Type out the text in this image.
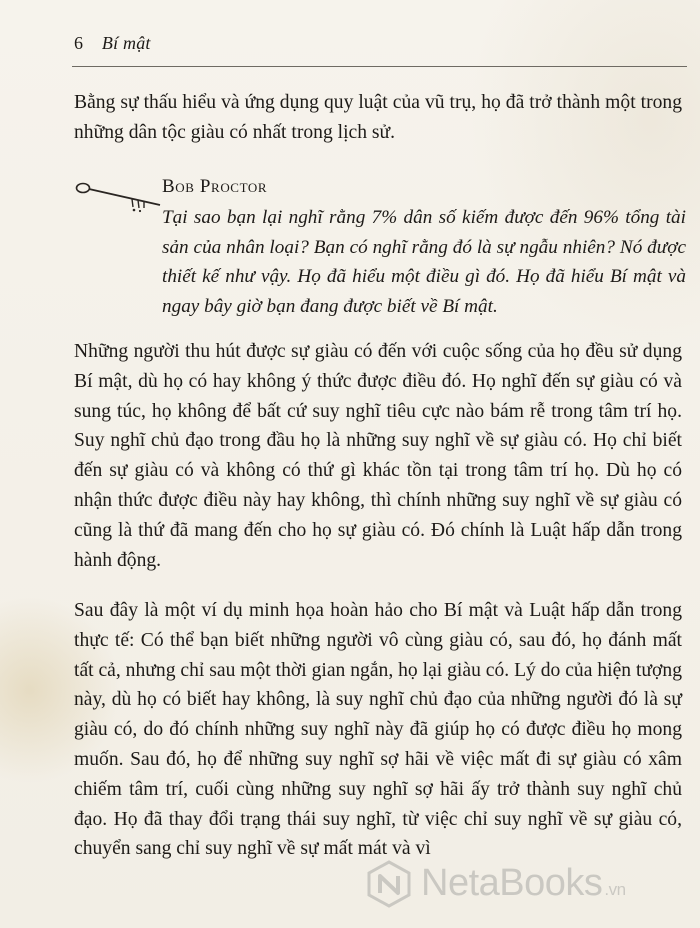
6 Bí mật

Bằng sự thấu hiểu và ứng dụng quy luật của vũ trụ, họ đã trở thành một trong những dân tộc giàu có nhất trong lịch sử.

Bob Proctor

Tại sao bạn lại nghĩ rằng 7% dân số kiếm được đến 96% tổng tài sản của nhân loại? Bạn có nghĩ rằng đó là sự ngẫu nhiên? Nó được thiết kế như vậy. Họ đã hiểu một điều gì đó. Họ đã hiểu Bí mật và ngay bây giờ bạn đang được biết về Bí mật.

Những người thu hút được sự giàu có đến với cuộc sống của họ đều sử dụng Bí mật, dù họ có hay không ý thức được điều đó. Họ nghĩ đến sự giàu có và sung túc, họ không để bất cứ suy nghĩ tiêu cực nào bám rễ trong tâm trí họ. Suy nghĩ chủ đạo trong đầu họ là những suy nghĩ về sự giàu có. Họ chỉ biết đến sự giàu có và không có thứ gì khác tồn tại trong tâm trí họ. Dù họ có nhận thức được điều này hay không, thì chính những suy nghĩ về sự giàu có cũng là thứ đã mang đến cho họ sự giàu có. Đó chính là Luật hấp dẫn trong hành động.

Sau đây là một ví dụ minh họa hoàn hảo cho Bí mật và Luật hấp dẫn trong thực tế: Có thể bạn biết những người vô cùng giàu có, sau đó, họ đánh mất tất cả, nhưng chỉ sau một thời gian ngắn, họ lại giàu có. Lý do của hiện tượng này, dù họ có biết hay không, là suy nghĩ chủ đạo của những người đó là sự giàu có, do đó chính những suy nghĩ này đã giúp họ có được điều họ mong muốn. Sau đó, họ để những suy nghĩ sợ hãi về việc mất đi sự giàu có xâm chiếm tâm trí, cuối cùng những suy nghĩ sợ hãi ấy trở thành suy nghĩ chủ đạo. Họ đã thay đổi trạng thái suy nghĩ, từ việc chỉ suy nghĩ về sự giàu có, chuyển sang chỉ suy nghĩ về sự mất mát và vì

NetaBooks .vn
